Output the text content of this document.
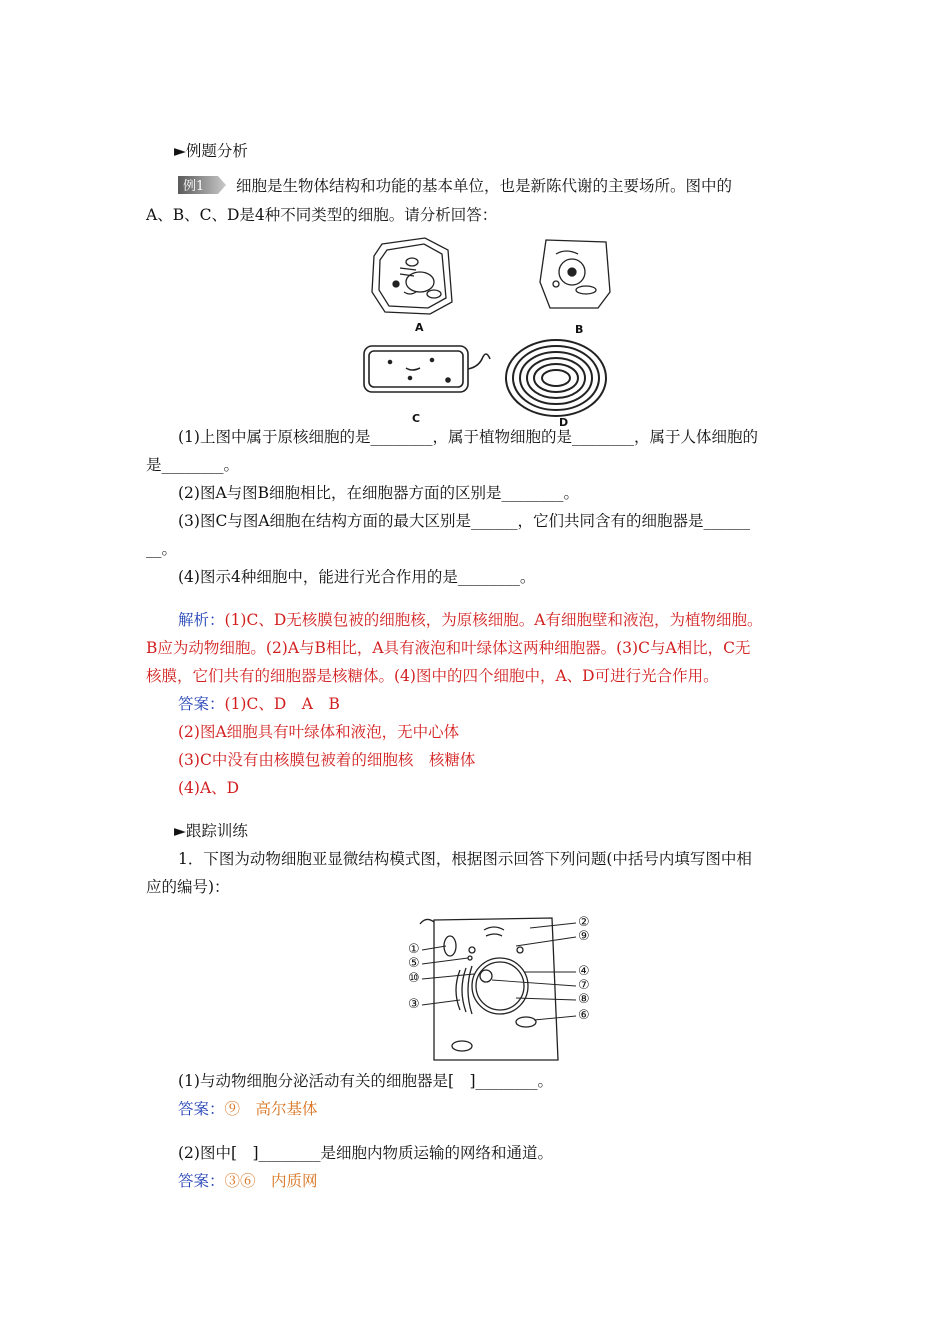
►例题分析
例1 细胞是生物体结构和功能的基本单位，也是新陈代谢的主要场所。图中的
A、B、C、D是4种不同类型的细胞。请分析回答：
A	B
C	D
(1)上图中属于原核细胞的是________，属于植物细胞的是________，属于人体细胞的
是________。
(2)图A与图B细胞相比，在细胞器方面的区别是________。
(3)图C与图A细胞在结构方面的最大区别是______，它们共同含有的细胞器是______
__。
(4)图示4种细胞中，能进行光合作用的是________。
解析：(1)C、D无核膜包被的细胞核，为原核细胞。A有细胞壁和液泡，为植物细胞。
B应为动物细胞。(2)A与B相比，A具有液泡和叶绿体这两种细胞器。(3)C与A相比，C无
核膜，它们共有的细胞器是核糖体。(4)图中的四个细胞中，A、D可进行光合作用。
答案：(1)C、D　A　B
(2)图A细胞具有叶绿体和液泡，无中心体
(3)C中没有由核膜包被着的细胞核　核糖体
(4)A、D
►跟踪训练
1．下图为动物细胞亚显微结构模式图，根据图示回答下列问题(中括号内填写图中相
应的编号)：
②
⑨
①
⑤
⑩	④
⑦
③	⑧
⑥
(1)与动物细胞分泌活动有关的细胞器是[　]________。
答案：⑨　高尔基体
(2)图中[　]________是细胞内物质运输的网络和通道。
答案：③⑥　内质网
